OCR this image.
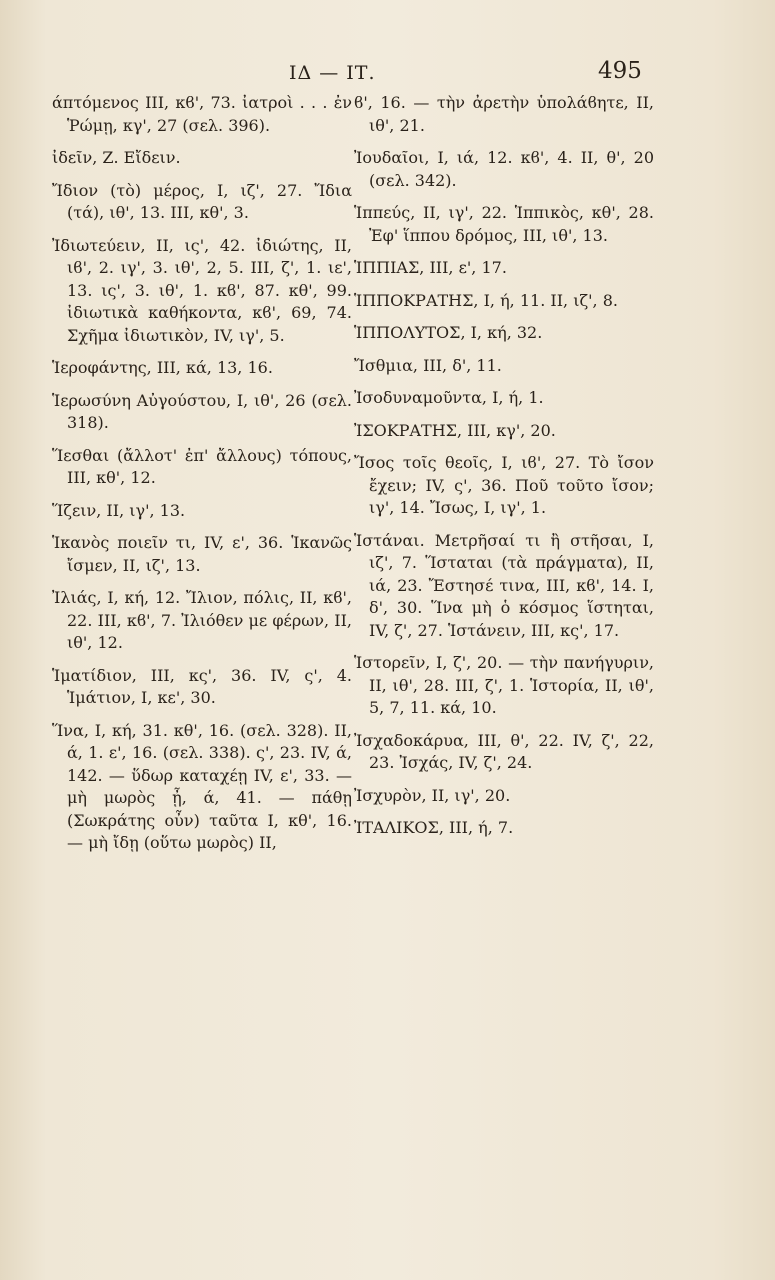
ΙΔ — ΙΤ.	495

άπτόμενος III, κϐ', 73. ἰατροὶ . . . ἐν Ῥώμῃ, κγ', 27 (σελ. 396).

ἰδεῖν, Ζ. Εἴδειν.

Ἴδιον (τὸ) μέρος, I, ιζ', 27. Ἴδια (τά), ιθ', 13. III, κθ', 3.

Ἰδιωτεύειν, II, ις', 42. ἰδιώτης, II, ιϐ', 2. ιγ', 3. ιθ', 2, 5. III, ζ', 1. ιε', 13. ις', 3. ιθ', 1. κϐ', 87. κθ', 99. ἰδιωτικὰ καθήκοντα, κϐ', 69, 74. Σχῆμα ἰδιωτικὸν, IV, ιγ', 5.

Ἱεροφάντης, III, κά, 13, 16.

Ἱερωσύνη Αὐγούστου, I, ιθ', 26 (σελ. 318).

Ἵεσθαι (ἄλλοτ' ἐπ' ἄλλους) τόπους, III, κθ', 12.

Ἵζειν, II, ιγ', 13.

Ἱκανὸς ποιεῖν τι, IV, ε', 36. Ἱκανῶς ἴσμεν, II, ιζ', 13.

Ἰλιάς, I, κή, 12. Ἴλιον, πόλις, II, κϐ', 22. III, κϐ', 7. Ἰλιόθεν με φέρων, II, ιθ', 12.

Ἱματίδιον, III, κς', 36. IV, ς', 4. Ἱμάτιον, I, κε', 30.

Ἵνα, I, κή, 31. κθ', 16. (σελ. 328). II, ά, 1. ε', 16. (σελ. 338). ς', 23. IV, ά, 142. — ὕδωρ καταχέῃ IV, ε', 33. — μὴ μωρὸς ᾖ, ά, 41. — πάθῃ (Σωκράτης οὖν) ταῦτα I, κθ', 16. — μὴ ἴδῃ (οὕτω μωρὸς) II,

ϐ', 16. — τὴν ἀρετὴν ὑπολάϐητε, II, ιθ', 21.

Ἰουδαῖοι, I, ιά, 12. κϐ', 4. II, θ', 20 (σελ. 342).

Ἱππεύς, II, ιγ', 22. Ἱππικὸς, κθ', 28. Ἐφ' ἵππου δρόμος, III, ιθ', 13.

ἹΠΠΙΑΣ, III, ε', 17.

ἹΠΠΟΚΡΑΤΗΣ, I, ή, 11. II, ιζ', 8.

ἹΠΠΟΛΥΤΟΣ, I, κή, 32.

Ἴσθμια, III, δ', 11.

Ἰσοδυναμοῦντα, I, ή, 1.

ἸΣΟΚΡΑΤΗΣ, III, κγ', 20.

Ἴσος τοῖς θεοῖς, I, ιϐ', 27. Τὸ ἴσον ἔχειν; IV, ς', 36. Ποῦ τοῦτο ἴσον; ιγ', 14. Ἴσως, I, ιγ', 1.

Ἱστάναι. Μετρῆσαί τι ἢ στῆσαι, I, ιζ', 7. Ἵσταται (τὰ πράγματα), II, ιά, 23. Ἔστησέ τινα, III, κϐ', 14. I, δ', 30. Ἵνα μὴ ὁ κόσμος ἵστηται, IV, ζ', 27. Ἱστάνειν, III, κς', 17.

Ἱστορεῖν, I, ζ', 20. — τὴν πανήγυριν, II, ιθ', 28. III, ζ', 1. Ἱστορία, II, ιθ', 5, 7, 11. κά, 10.

Ἰσχαδοκάρυα, III, θ', 22. IV, ζ', 22, 23. Ἰσχάς, IV, ζ', 24.

Ἰσχυρὸν, II, ιγ', 20.

ἸΤΑΛΙΚΟΣ, III, ή, 7.
